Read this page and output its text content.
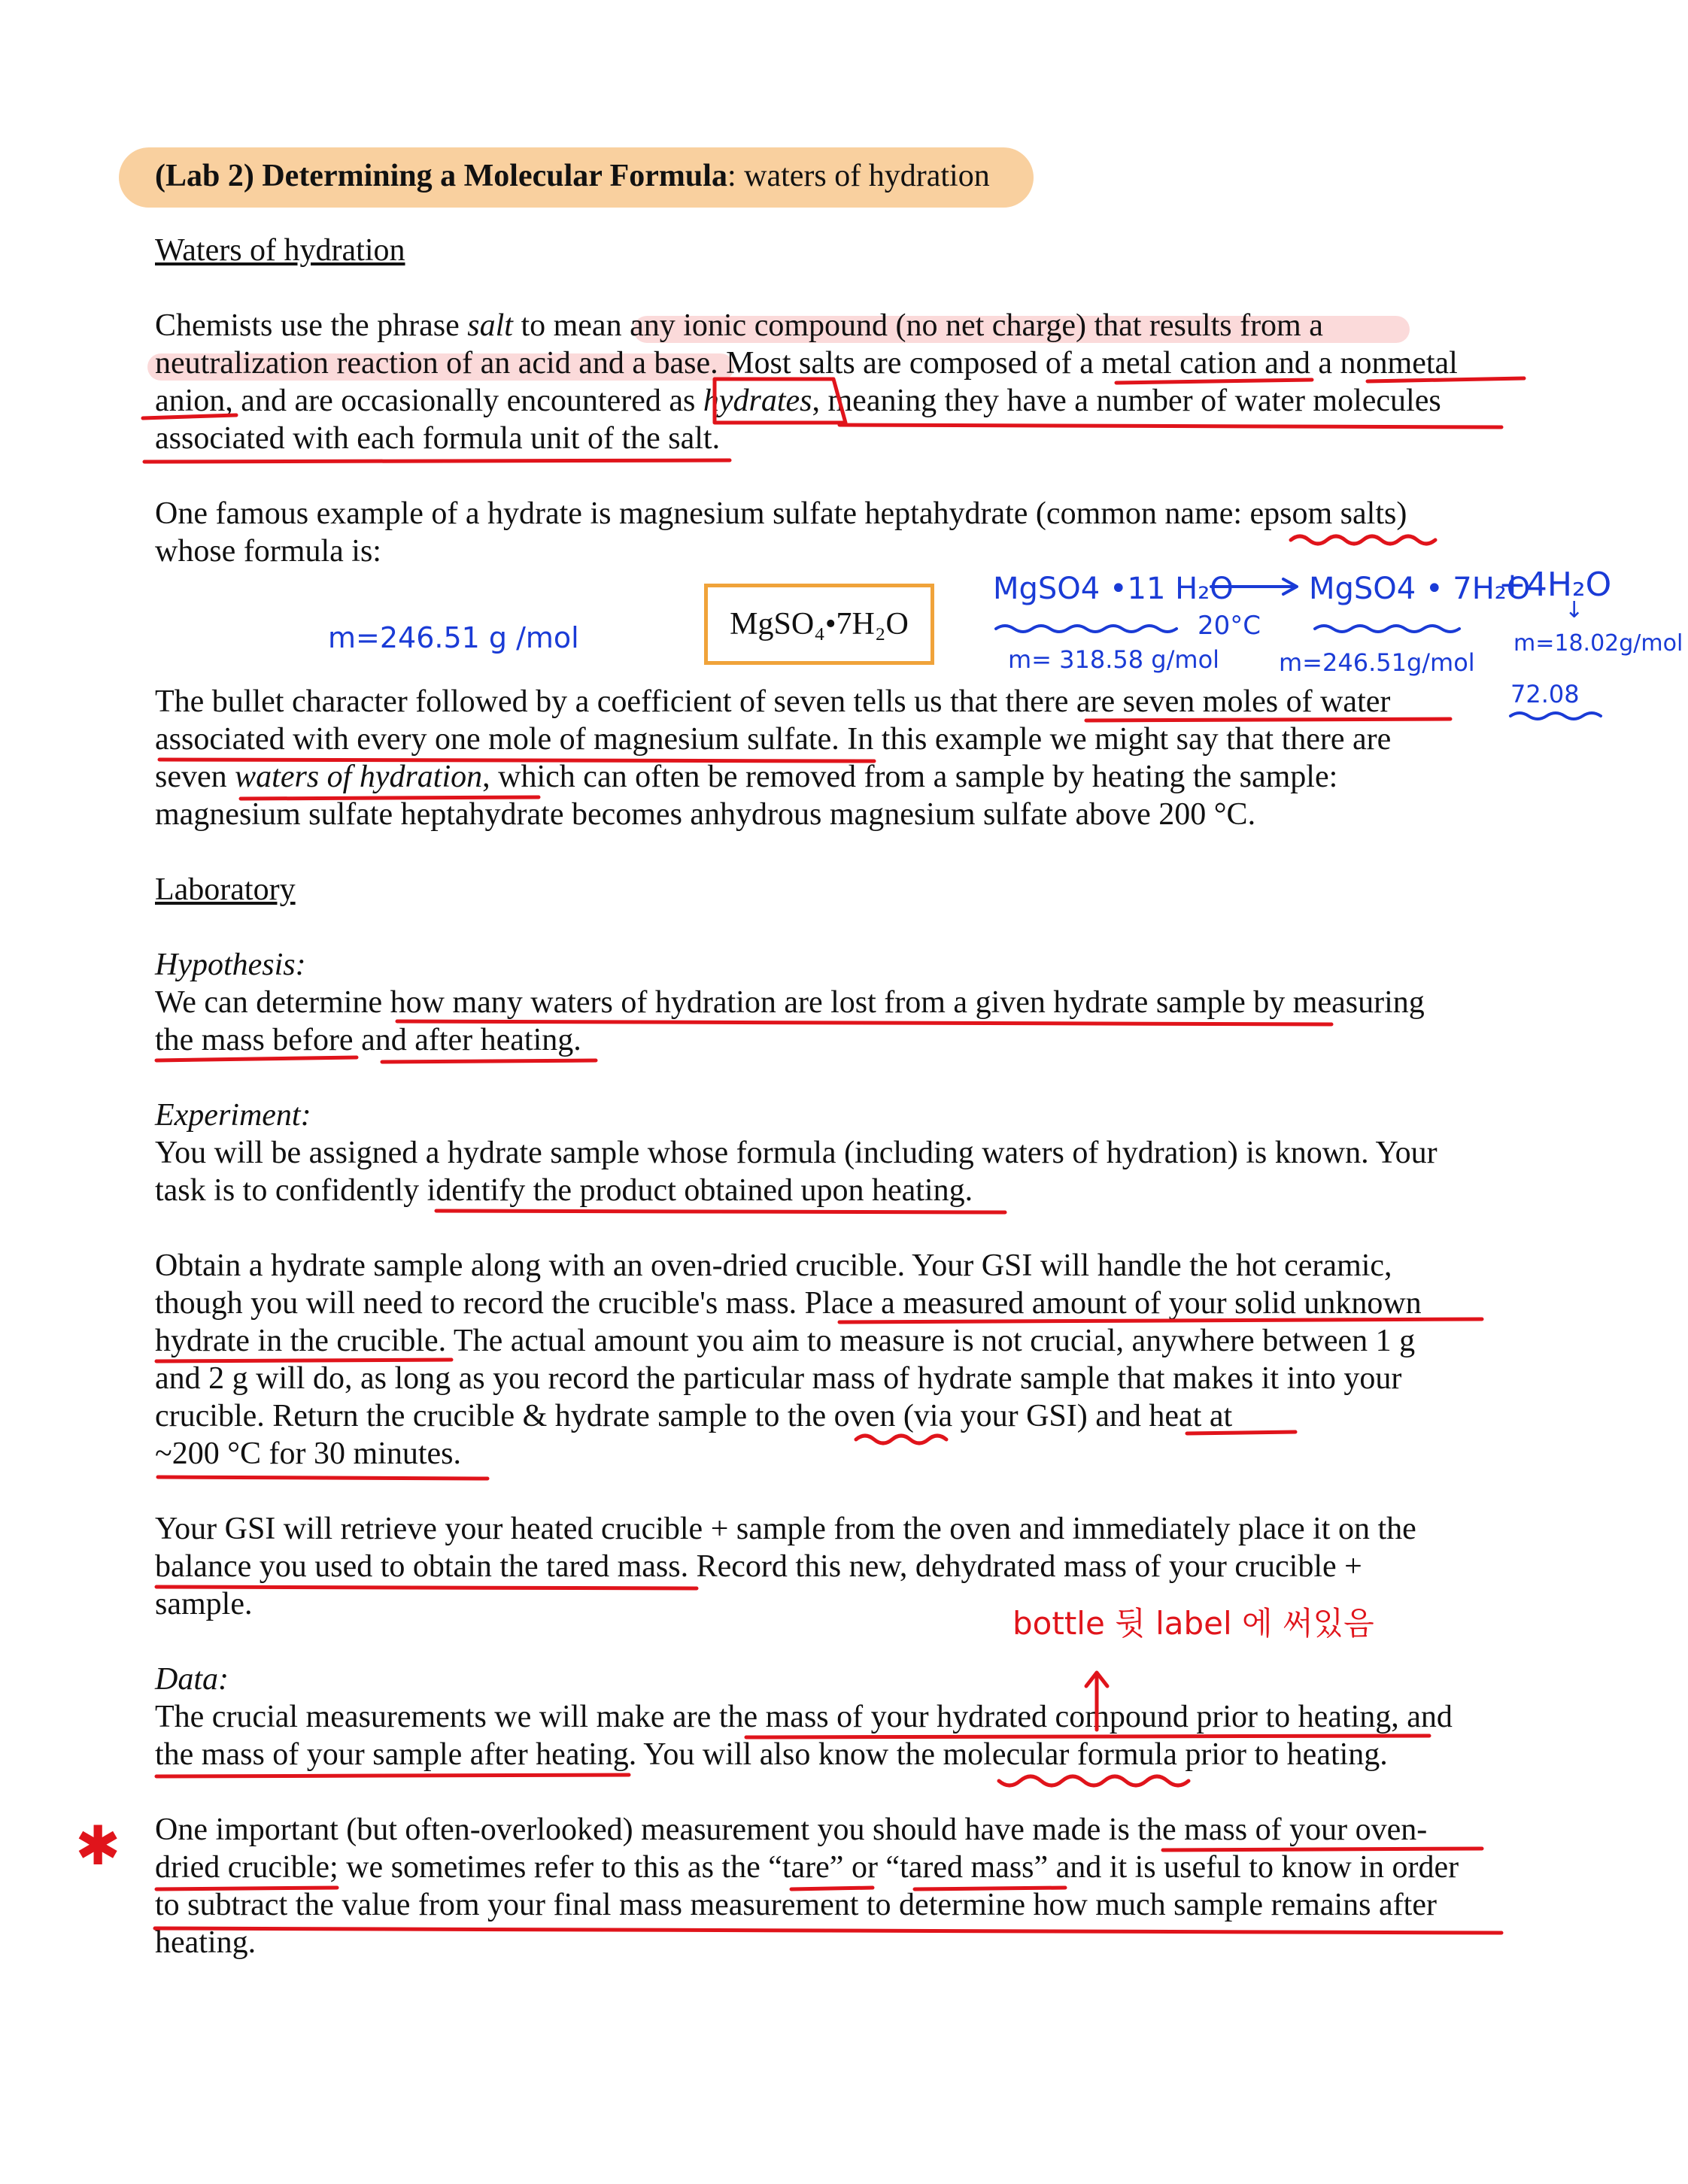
(Lab 2) Determining a Molecular Formula: waters of hydration
Waters of hydration
Chemists use the phrase salt to mean any ionic compound (no net charge) that results from a
neutralization reaction of an acid and a base. Most salts are composed of a metal cation and a nonmetal
anion, and are occasionally encountered as hydrates, meaning they have a number of water molecules
associated with each formula unit of the salt.
One famous example of a hydrate is magnesium sulfate heptahydrate (common name: epsom salts)
whose formula is:
MgSO₄•7H₂O
The bullet character followed by a coefficient of seven tells us that there are seven moles of water
associated with every one mole of magnesium sulfate. In this example we might say that there are
seven waters of hydration, which can often be removed from a sample by heating the sample:
magnesium sulfate heptahydrate becomes anhydrous magnesium sulfate above 200 °C.
Laboratory
Hypothesis:
We can determine how many waters of hydration are lost from a given hydrate sample by measuring
the mass before and after heating.
Experiment:
You will be assigned a hydrate sample whose formula (including waters of hydration) is known. Your
task is to confidently identify the product obtained upon heating.
Obtain a hydrate sample along with an oven-dried crucible. Your GSI will handle the hot ceramic,
though you will need to record the crucible's mass. Place a measured amount of your solid unknown
hydrate in the crucible. The actual amount you aim to measure is not crucial, anywhere between 1 g
and 2 g will do, as long as you record the particular mass of hydrate sample that makes it into your
crucible. Return the crucible & hydrate sample to the oven (via your GSI) and heat at
~200 °C for 30 minutes.
Your GSI will retrieve your heated crucible + sample from the oven and immediately place it on the
balance you used to obtain the tared mass. Record this new, dehydrated mass of your crucible +
sample.
Data:
The crucial measurements we will make are the mass of your hydrated compound prior to heating, and
the mass of your sample after heating. You will also know the molecular formula prior to heating.
One important (but often-overlooked) measurement you should have made is the mass of your oven-
dried crucible; we sometimes refer to this as the “tare” or “tared mass” and it is useful to know in order
to subtract the value from your final mass measurement to determine how much sample remains after
heating.
m=246.51 g /mol
MgSO4 •11 H₂O	MgSO4 • 7H₂O
+4H₂O
20°C
m= 318.58 g/mol m=246.51g/mol
↓
m=18.02g/mol
72.08
bottle 뒷 label 에 써있음
✱
